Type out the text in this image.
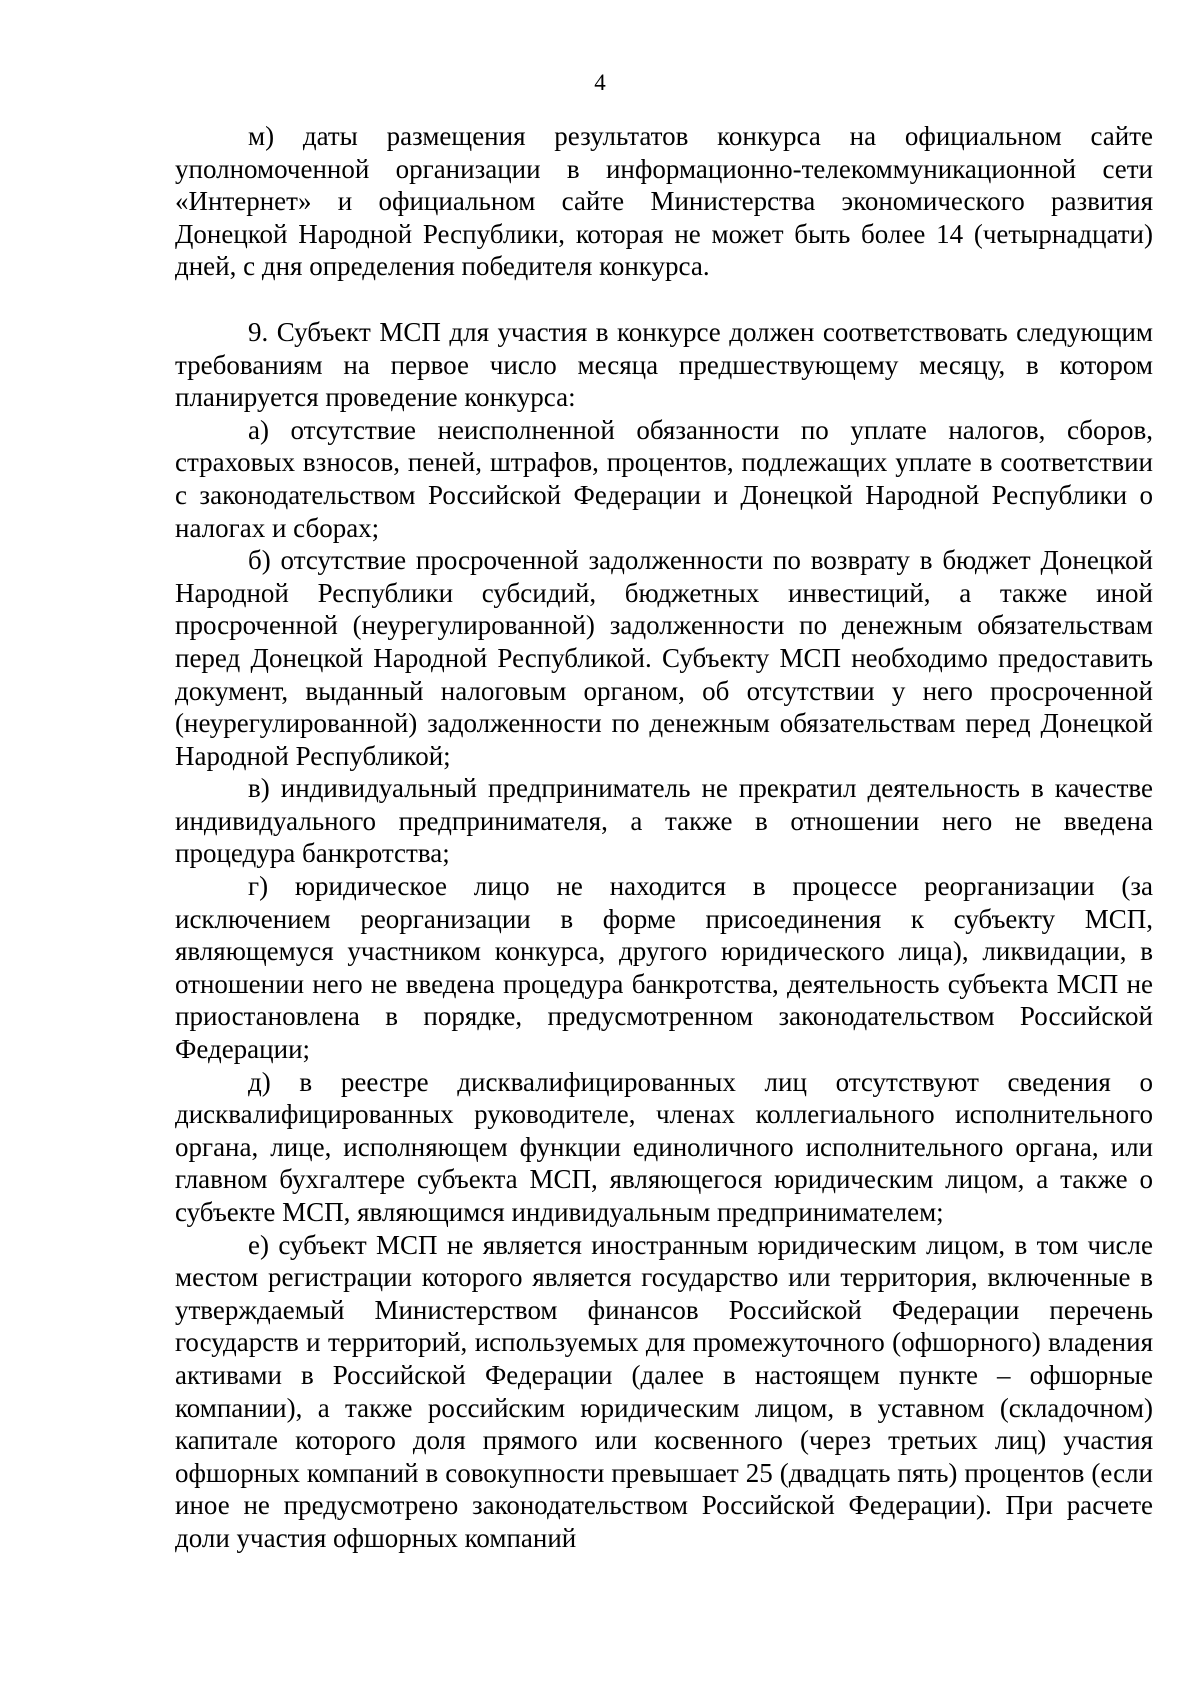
4

м) даты размещения результатов конкурса на официальном сайте уполномоченной организации в информационно-телекоммуникационной сети «Интернет» и официальном сайте Министерства экономического развития Донецкой Народной Республики, которая не может быть более 14 (четырнадцати) дней, с дня определения победителя конкурса.

9. Субъект МСП для участия в конкурсе должен соответствовать следующим требованиям на первое число месяца предшествующему месяцу, в котором планируется проведение конкурса:

а) отсутствие неисполненной обязанности по уплате налогов, сборов, страховых взносов, пеней, штрафов, процентов, подлежащих уплате в соответствии с законодательством Российской Федерации и Донецкой Народной Республики о налогах и сборах;

б) отсутствие просроченной задолженности по возврату в бюджет Донецкой Народной Республики субсидий, бюджетных инвестиций, а также иной просроченной (неурегулированной) задолженности по денежным обязательствам перед Донецкой Народной Республикой. Субъекту МСП необходимо предоставить документ, выданный налоговым органом, об отсутствии у него просроченной (неурегулированной) задолженности по денежным обязательствам перед Донецкой Народной Республикой;

в) индивидуальный предприниматель не прекратил деятельность в качестве индивидуального предпринимателя, а также в отношении него не введена процедура банкротства;

г) юридическое лицо не находится в процессе реорганизации (за исключением реорганизации в форме присоединения к субъекту МСП, являющемуся участником конкурса, другого юридического лица), ликвидации, в отношении него не введена процедура банкротства, деятельность субъекта МСП не приостановлена в порядке, предусмотренном законодательством Российской Федерации;

д) в реестре дисквалифицированных лиц отсутствуют сведения о дисквалифицированных руководителе, членах коллегиального исполнительного органа, лице, исполняющем функции единоличного исполнительного органа, или главном бухгалтере субъекта МСП, являющегося юридическим лицом, а также о субъекте МСП, являющимся индивидуальным предпринимателем;

е) субъект МСП не является иностранным юридическим лицом, в том числе местом регистрации которого является государство или территория, включенные в утверждаемый Министерством финансов Российской Федерации перечень государств и территорий, используемых для промежуточного (офшорного) владения активами в Российской Федерации (далее в настоящем пункте – офшорные компании), а также российским юридическим лицом, в уставном (складочном) капитале которого доля прямого или косвенного (через третьих лиц) участия офшорных компаний в совокупности превышает 25 (двадцать пять) процентов (если иное не предусмотрено законодательством Российской Федерации). При расчете доли участия офшорных компаний
